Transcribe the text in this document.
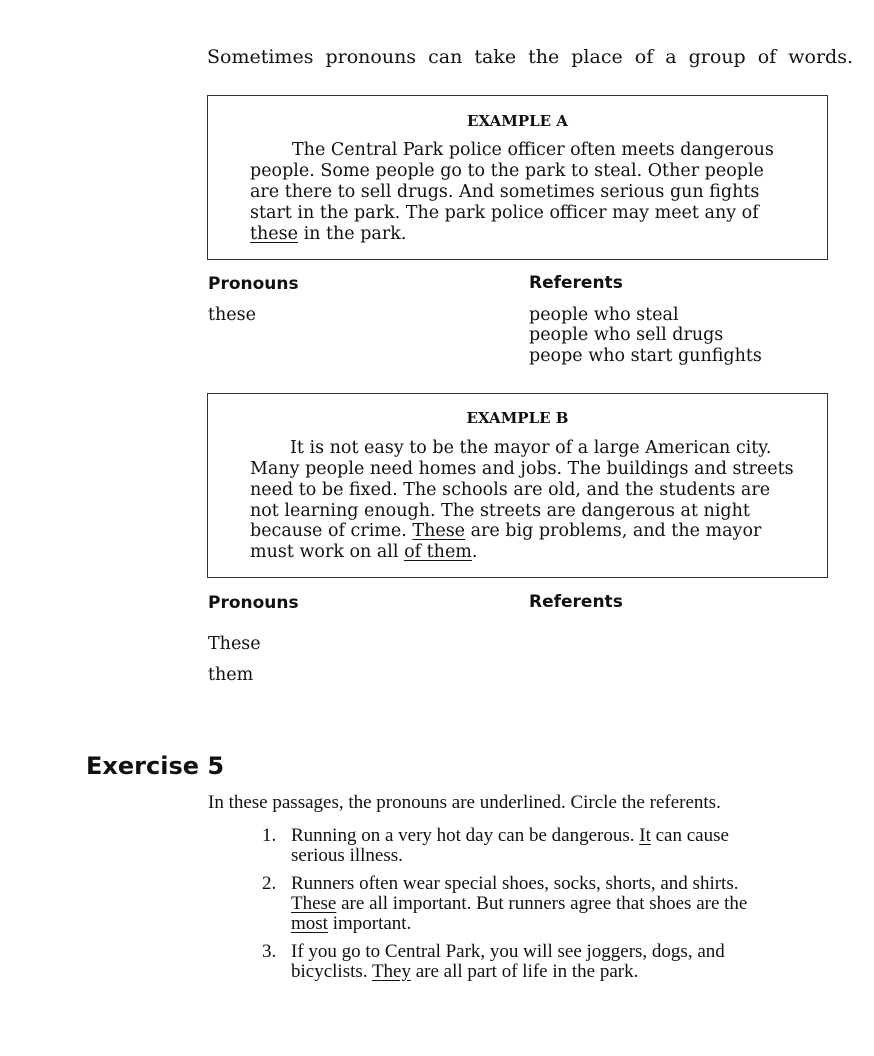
Sometimes pronouns can take the place of a group of words.
EXAMPLE A
The Central Park police officer often meets dangerous
people. Some people go to the park to steal. Other people
are there to sell drugs. And sometimes serious gun fights
start in the park. The park police officer may meet any of
these in the park.
Pronouns	Referents
these	people who steal
people who sell drugs
peope who start gunfights
EXAMPLE B
It is not easy to be the mayor of a large American city.
Many people need homes and jobs. The buildings and streets
need to be fixed. The schools are old, and the students are
not learning enough. The streets are dangerous at night
because of crime. These are big problems, and the mayor
must work on all of them.
Pronouns	Referents
These
them
Exercise 5
In these passages, the pronouns are underlined. Circle the referents.
1. Running on a very hot day can be dangerous. It can cause
serious illness.
2. Runners often wear special shoes, socks, shorts, and shirts.
These are all important. But runners agree that shoes are the
most important.
3. If you go to Central Park, you will see joggers, dogs, and
bicyclists. They are all part of life in the park.
